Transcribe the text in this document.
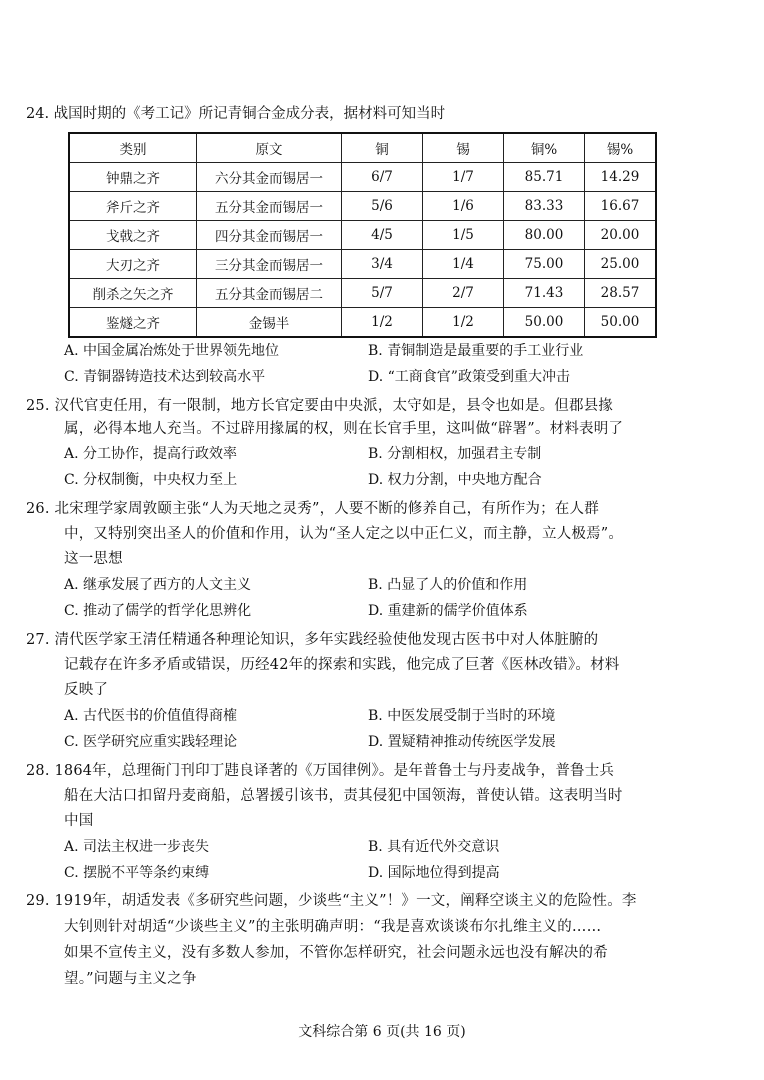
24. 战国时期的《考工记》所记青铜合金成分表，据材料可知当时
类别	原文	铜	锡	铜%	锡%
钟鼎之齐	六分其金而锡居一	6/7	1/7	85.71	14.29
斧斤之齐	五分其金而锡居一	5/6	1/6	83.33	16.67
戈戟之齐	四分其金而锡居一	4/5	1/5	80.00	20.00
大刃之齐	三分其金而锡居一	3/4	1/4	75.00	25.00
削杀之矢之齐	五分其金而锡居二	5/7	2/7	71.43	28.57
鉴燧之齐	金锡半	1/2	1/2	50.00	50.00
A. 中国金属冶炼处于世界领先地位	B. 青铜制造是最重要的手工业行业
C. 青铜器铸造技术达到较高水平	D. “工商食官”政策受到重大冲击
25. 汉代官吏任用，有一限制，地方长官定要由中央派，太守如是，县令也如是。但郡县掾
属，必得本地人充当。不过辟用掾属的权，则在长官手里，这叫做“辟署”。材料表明了
A. 分工协作，提高行政效率	B. 分割相权，加强君主专制
C. 分权制衡，中央权力至上	D. 权力分割，中央地方配合
26. 北宋理学家周敦颐主张“人为天地之灵秀”，人要不断的修养自己，有所作为；在人群
中，又特别突出圣人的价值和作用，认为“圣人定之以中正仁义，而主静，立人极焉”。
这一思想
A. 继承发展了西方的人文主义	B. 凸显了人的价值和作用
C. 推动了儒学的哲学化思辨化	D. 重建新的儒学价值体系
27. 清代医学家王清任精通各种理论知识，多年实践经验使他发现古医书中对人体脏腑的
记载存在许多矛盾或错误，历经42年的探索和实践，他完成了巨著《医林改错》。材料
反映了
A. 古代医书的价值值得商榷	B. 中医发展受制于当时的环境
C. 医学研究应重实践轻理论	D. 置疑精神推动传统医学发展
28. 1864年，总理衙门刊印丁韪良译著的《万国律例》。是年普鲁士与丹麦战争，普鲁士兵
船在大沽口扣留丹麦商船，总署援引该书，责其侵犯中国领海，普使认错。这表明当时
中国
A. 司法主权进一步丧失	B. 具有近代外交意识
C. 摆脱不平等条约束缚	D. 国际地位得到提高
29. 1919年，胡适发表《多研究些问题，少谈些“主义”！》一文，阐释空谈主义的危险性。李
大钊则针对胡适“少谈些主义”的主张明确声明：“我是喜欢谈谈布尔扎维主义的……
如果不宣传主义，没有多数人参加，不管你怎样研究，社会问题永远也没有解决的希
望。”问题与主义之争
文科综合第 6 页(共 16 页)
